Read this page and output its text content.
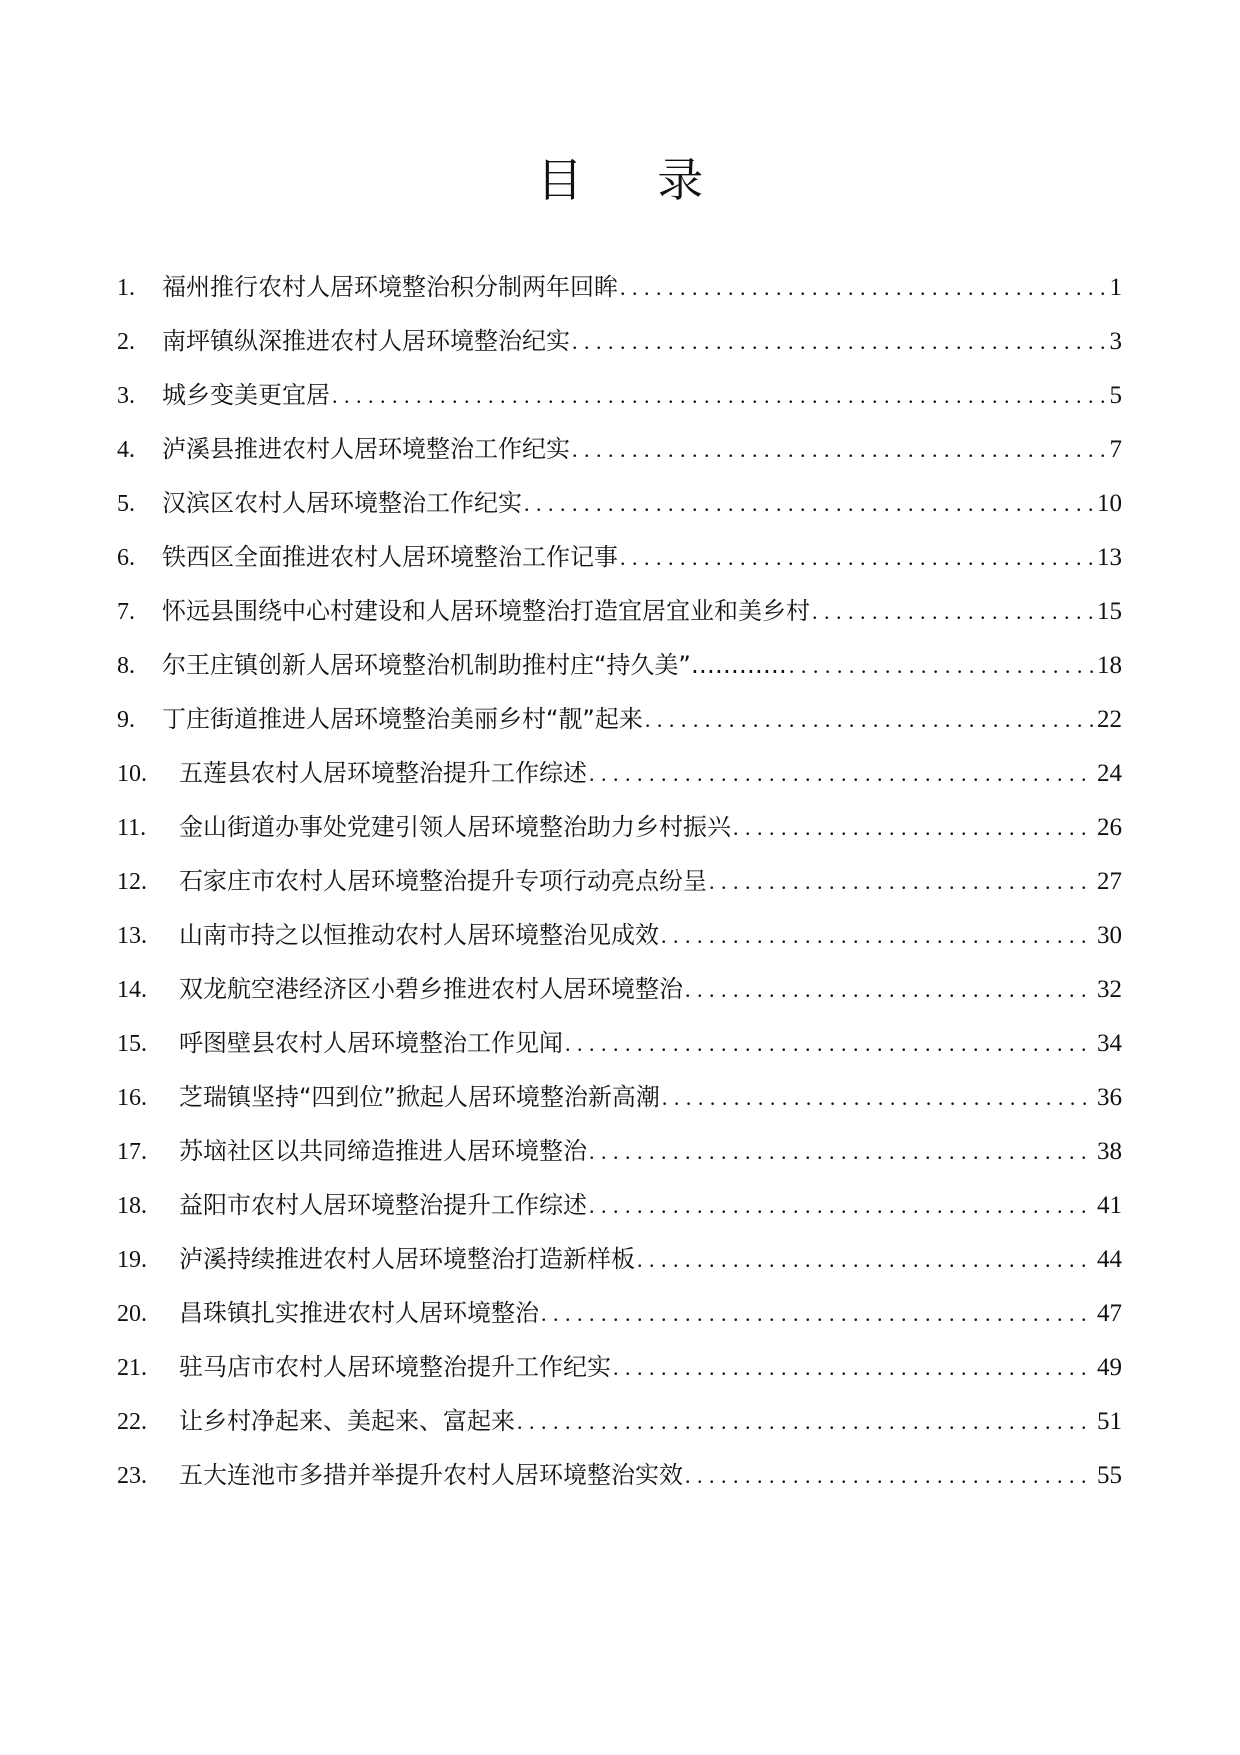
目 录
1.	福州推行农村人居环境整治积分制两年回眸 . . .	1
2.	南坪镇纵深推进农村人居环境整治纪实 . . .	3
3.	城乡变美更宜居 . . .	5
4.	泸溪县推进农村人居环境整治工作纪实 . . .	7
5.	汉滨区农村人居环境整治工作纪实 . . .	10
6.	铁西区全面推进农村人居环境整治工作记事 . . .	13
7.	怀远县围绕中心村建设和人居环境整治打造宜居宜业和美乡村 . . .	15
8.	尔王庄镇创新人居环境整治机制助推村庄“持久美”………… . . .	18
9.	丁庄街道推进人居环境整治美丽乡村“靓”起来 . . .	22
10.	五莲县农村人居环境整治提升工作综述 . . .	24
11.	金山街道办事处党建引领人居环境整治助力乡村振兴 . . .	26
12.	石家庄市农村人居环境整治提升专项行动亮点纷呈 . . .	27
13.	山南市持之以恒推动农村人居环境整治见成效 . . .	30
14.	双龙航空港经济区小碧乡推进农村人居环境整治 . . .	32
15.	呼图壁县农村人居环境整治工作见闻 . . .	34
16.	芝瑞镇坚持“四到位”掀起人居环境整治新高潮 . . .	36
17.	苏垴社区以共同缔造推进人居环境整治 . . .	38
18.	益阳市农村人居环境整治提升工作综述 . . .	41
19.	泸溪持续推进农村人居环境整治打造新样板 . . .	44
20.	昌珠镇扎实推进农村人居环境整治 . . .	47
21.	驻马店市农村人居环境整治提升工作纪实 . . .	49
22.	让乡村净起来、美起来、富起来 . . .	51
23.	五大连池市多措并举提升农村人居环境整治实效 . . .	55
